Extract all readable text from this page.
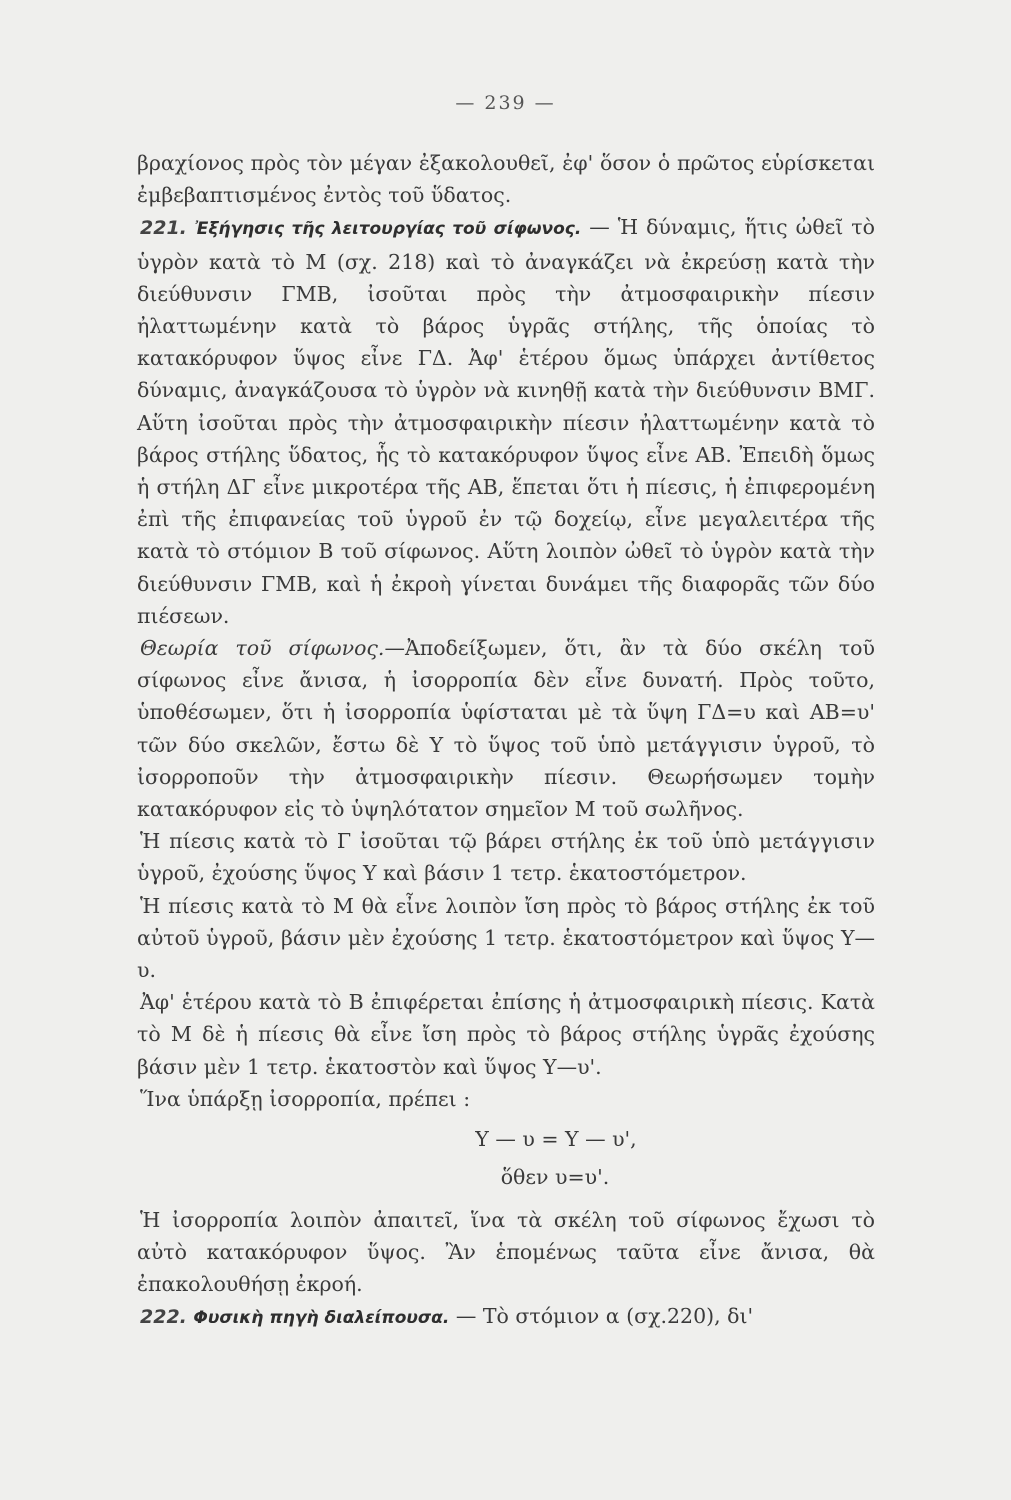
— 239 —

βραχίονος πρὸς τὸν μέγαν ἐξακολουθεῖ, ἐφ' ὅσον ὁ πρῶτος εὑρίσκεται ἐμβεβαπτισμένος ἐντὸς τοῦ ὕδατος.

221. Ἐξήγησις τῆς λειτουργίας τοῦ σίφωνος. — Ἡ δύναμις, ἥτις ὠθεῖ τὸ ὑγρὸν κατὰ τὸ Μ (σχ. 218) καὶ τὸ ἀναγκάζει νὰ ἐκρεύσῃ κατὰ τὴν διεύθυνσιν ΓΜΒ, ἰσοῦται πρὸς τὴν ἀτμοσφαιρικὴν πίεσιν ἠλαττωμένην κατὰ τὸ βάρος ὑγρᾶς στήλης, τῆς ὁποίας τὸ κατακόρυφον ὕψος εἶνε ΓΔ. Ἀφ' ἑτέρου ὅμως ὑπάρχει ἀντίθετος δύναμις, ἀναγκάζουσα τὸ ὑγρὸν νὰ κινηθῇ κατὰ τὴν διεύθυνσιν ΒΜΓ. Αὕτη ἰσοῦται πρὸς τὴν ἀτμοσφαιρικὴν πίεσιν ἠλαττωμένην κατὰ τὸ βάρος στήλης ὕδατος, ἧς τὸ κατακόρυφον ὕψος εἶνε ΑΒ. Ἐπειδὴ ὅμως ἡ στήλη ΔΓ εἶνε μικροτέρα τῆς ΑΒ, ἕπεται ὅτι ἡ πίεσις, ἡ ἐπιφερομένη ἐπὶ τῆς ἐπιφανείας τοῦ ὑγροῦ ἐν τῷ δοχείῳ, εἶνε μεγαλειτέρα τῆς κατὰ τὸ στόμιον Β τοῦ σίφωνος. Αὕτη λοιπὸν ὠθεῖ τὸ ὑγρὸν κατὰ τὴν διεύθυνσιν ΓΜΒ, καὶ ἡ ἐκροὴ γίνεται δυνάμει τῆς διαφορᾶς τῶν δύο πιέσεων.

Θεωρία τοῦ σίφωνος.—Ἀποδείξωμεν, ὅτι, ἂν τὰ δύο σκέλη τοῦ σίφωνος εἶνε ἄνισα, ἡ ἰσορροπία δὲν εἶνε δυνατή. Πρὸς τοῦτο, ὑποθέσωμεν, ὅτι ἡ ἰσορροπία ὑφίσταται μὲ τὰ ὕψη ΓΔ=υ καὶ ΑΒ=υ' τῶν δύο σκελῶν, ἔστω δὲ Υ τὸ ὕψος τοῦ ὑπὸ μετάγγισιν ὑγροῦ, τὸ ἰσορροποῦν τὴν ἀτμοσφαιρικὴν πίεσιν. Θεωρήσωμεν τομὴν κατακόρυφον εἰς τὸ ὑψηλότατον σημεῖον Μ τοῦ σωλῆνος.

Ἡ πίεσις κατὰ τὸ Γ ἰσοῦται τῷ βάρει στήλης ἐκ τοῦ ὑπὸ μετάγγισιν ὑγροῦ, ἐχούσης ὕψος Υ καὶ βάσιν 1 τετρ. ἑκατοστόμετρον.

Ἡ πίεσις κατὰ τὸ Μ θὰ εἶνε λοιπὸν ἴση πρὸς τὸ βάρος στήλης ἐκ τοῦ αὐτοῦ ὑγροῦ, βάσιν μὲν ἐχούσης 1 τετρ. ἑκατοστόμετρον καὶ ὕψος Υ—υ.

Ἀφ' ἑτέρου κατὰ τὸ Β ἐπιφέρεται ἐπίσης ἡ ἀτμοσφαιρικὴ πίεσις. Κατὰ τὸ Μ δὲ ἡ πίεσις θὰ εἶνε ἴση πρὸς τὸ βάρος στήλης ὑγρᾶς ἐχούσης βάσιν μὲν 1 τετρ. ἑκατοστὸν καὶ ὕψος Υ—υ'.

Ἵνα ὑπάρξῃ ἰσορροπία, πρέπει :

Υ — υ = Υ — υ',

ὅθεν υ=υ'.

Ἡ ἰσορροπία λοιπὸν ἀπαιτεῖ, ἵνα τὰ σκέλη τοῦ σίφωνος ἔχωσι τὸ αὐτὸ κατακόρυφον ὕψος. Ἂν ἑπομένως ταῦτα εἶνε ἄνισα, θὰ ἐπακολουθήσῃ ἐκροή.

222. Φυσικὴ πηγὴ διαλείπουσα. — Τὸ στόμιον α (σχ.220), δι'
